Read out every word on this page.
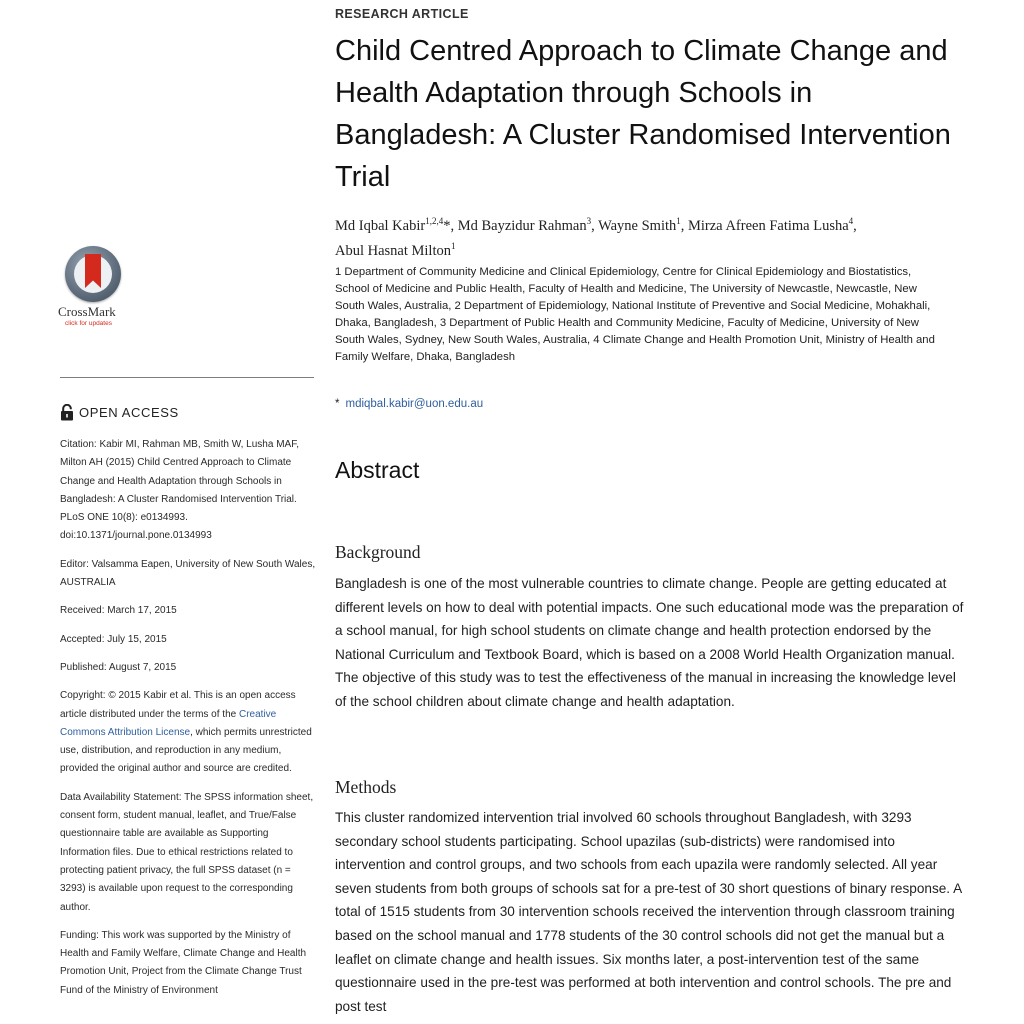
CrossMark
click for updates
OPEN ACCESS

Citation: Kabir MI, Rahman MB, Smith W, Lusha MAF, Milton AH (2015) Child Centred Approach to Climate Change and Health Adaptation through Schools in Bangladesh: A Cluster Randomised Intervention Trial. PLoS ONE 10(8): e0134993. doi:10.1371/journal.pone.0134993

Editor: Valsamma Eapen, University of New South Wales, AUSTRALIA

Received: March 17, 2015

Accepted: July 15, 2015

Published: August 7, 2015

Copyright: © 2015 Kabir et al. This is an open access article distributed under the terms of the Creative Commons Attribution License, which permits unrestricted use, distribution, and reproduction in any medium, provided the original author and source are credited.

Data Availability Statement: The SPSS information sheet, consent form, student manual, leaflet, and True/False questionnaire table are available as Supporting Information files. Due to ethical restrictions related to protecting patient privacy, the full SPSS dataset (n = 3293) is available upon request to the corresponding author.

Funding: This work was supported by the Ministry of Health and Family Welfare, Climate Change and Health Promotion Unit, Project from the Climate Change Trust Fund of the Ministry of Environment

RESEARCH ARTICLE
Child Centred Approach to Climate Change and Health Adaptation through Schools in Bangladesh: A Cluster Randomised Intervention Trial
Md Iqbal Kabir$^{1,2,4}$*, Md Bayzidur Rahman$^3$, Wayne Smith$^1$, Mirza Afreen Fatima Lusha$^4$,
Abul Hasnat Milton$^1$
1 Department of Community Medicine and Clinical Epidemiology, Centre for Clinical Epidemiology and Biostatistics, School of Medicine and Public Health, Faculty of Health and Medicine, The University of Newcastle, Newcastle, New South Wales, Australia, 2 Department of Epidemiology, National Institute of Preventive and Social Medicine, Mohakhali, Dhaka, Bangladesh, 3 Department of Public Health and Community Medicine, Faculty of Medicine, University of New South Wales, Sydney, New South Wales, Australia, 4 Climate Change and Health Promotion Unit, Ministry of Health and Family Welfare, Dhaka, Bangladesh
* mdiqbal.kabir@uon.edu.au
Abstract
Background

Bangladesh is one of the most vulnerable countries to climate change. People are getting educated at different levels on how to deal with potential impacts. One such educational mode was the preparation of a school manual, for high school students on climate change and health protection endorsed by the National Curriculum and Textbook Board, which is based on a 2008 World Health Organization manual. The objective of this study was to test the effectiveness of the manual in increasing the knowledge level of the school children about climate change and health adaptation.

Methods

This cluster randomized intervention trial involved 60 schools throughout Bangladesh, with 3293 secondary school students participating. School upazilas (sub-districts) were randomised into intervention and control groups, and two schools from each upazila were randomly selected. All year seven students from both groups of schools sat for a pre-test of 30 short questions of binary response. A total of 1515 students from 30 intervention schools received the intervention through classroom training based on the school manual and 1778 students of the 30 control schools did not get the manual but a leaflet on climate change and health issues. Six months later, a post-intervention test of the same questionnaire used in the pre-test was performed at both intervention and control schools. The pre and post test
